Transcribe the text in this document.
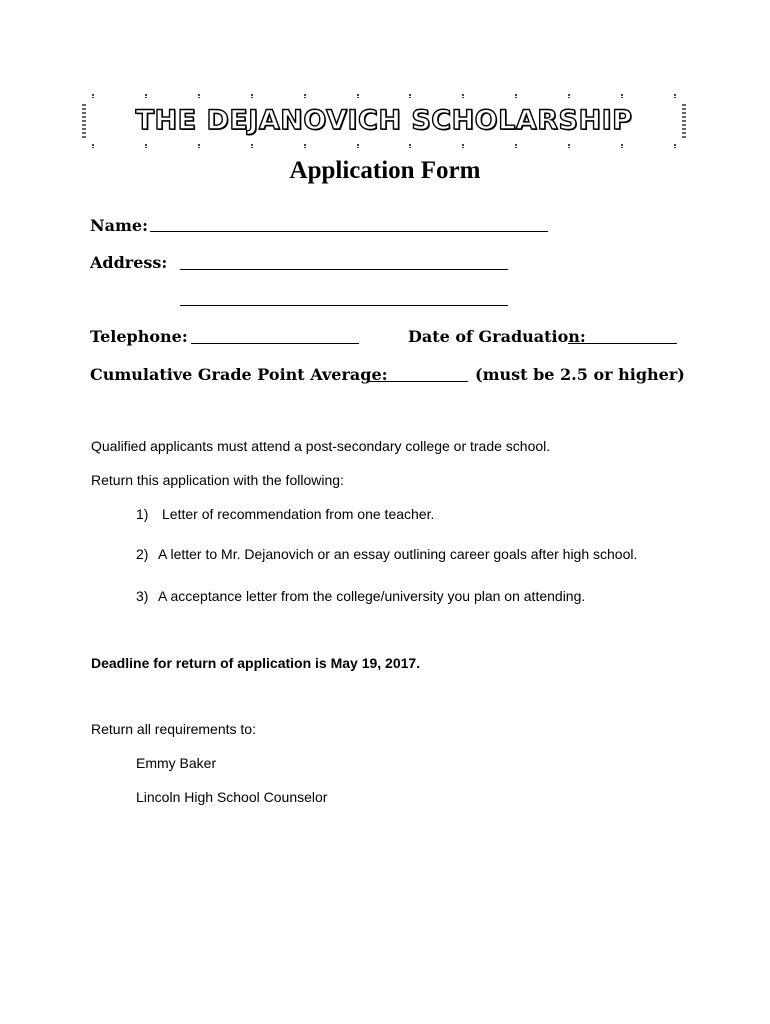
THE DEJANOVICH SCHOLARSHIP
Application Form
Name:
Address:
Telephone:	Date of Graduation:
Cumulative Grade Point Average:	(must be 2.5 or higher)
Qualified applicants must attend a post-secondary college or trade school.
Return this application with the following:
1) Letter of recommendation from one teacher.
2) A letter to Mr. Dejanovich or an essay outlining career goals after high school.
3) A acceptance letter from the college/university you plan on attending.
Deadline for return of application is May 19, 2017.
Return all requirements to:
Emmy Baker
Lincoln High School Counselor
